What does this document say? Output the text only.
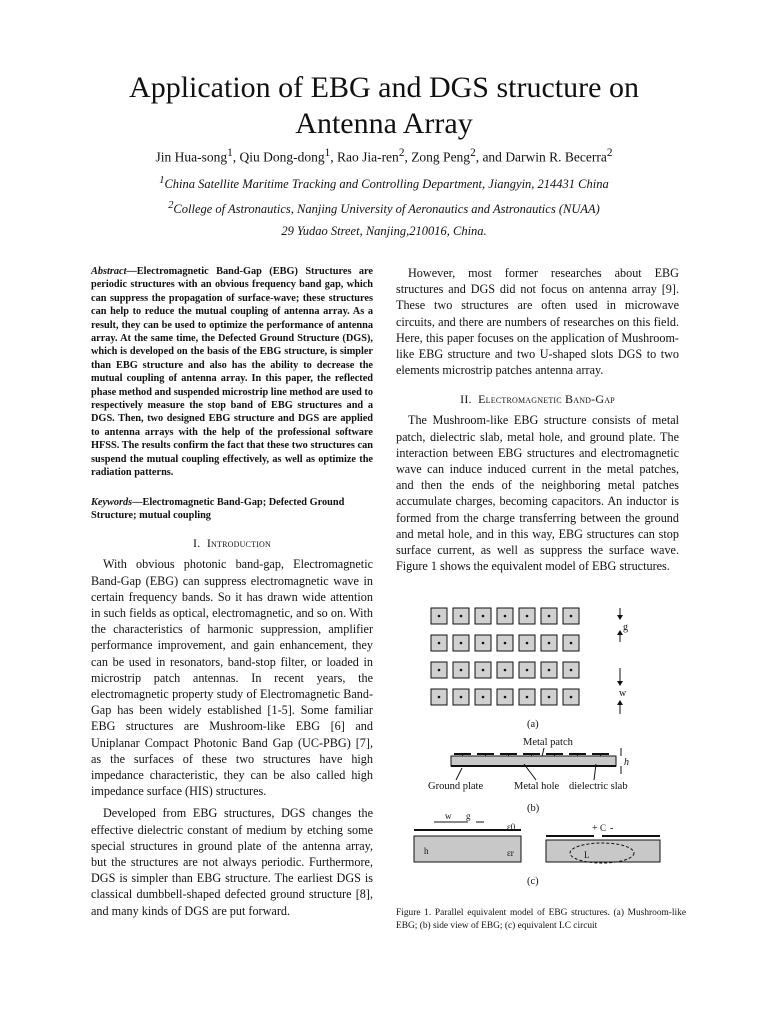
Application of EBG and DGS structure on
Antenna Array
Jin Hua-song$^1$, Qiu Dong-dong$^1$, Rao Jia-ren$^2$, Zong Peng$^2$, and Darwin R. Becerra$^2$
$^1$China Satellite Maritime Tracking and Controlling Department, Jiangyin, 214431 China
$^2$College of Astronautics, Nanjing University of Aeronautics and Astronautics (NUAA)
29 Yudao Street, Nanjing,210016, China.

Abstract—Electromagnetic Band-Gap (EBG) Structures are periodic structures with an obvious frequency band gap, which can suppress the propagation of surface-wave; these structures can help to reduce the mutual coupling of antenna array. As a result, they can be used to optimize the performance of antenna array. At the same time, the Defected Ground Structure (DGS), which is developed on the basis of the EBG structure, is simpler than EBG structure and also has the ability to decrease the mutual coupling of antenna array. In this paper, the reflected phase method and suspended microstrip line method are used to respectively measure the stop band of EBG structures and a DGS. Then, two designed EBG structure and DGS are applied to antenna arrays with the help of the professional software HFSS. The results confirm the fact that these two structures can suspend the mutual coupling effectively, as well as optimize the radiation patterns.

Keywords—Electromagnetic Band-Gap; Defected Ground Structure; mutual coupling

I. Introduction

With obvious photonic band-gap, Electromagnetic Band-Gap (EBG) can suppress electromagnetic wave in certain frequency bands. So it has drawn wide attention in such fields as optical, electromagnetic, and so on. With the characteristics of harmonic suppression, amplifier performance improvement, and gain enhancement, they can be used in resonators, band-stop filter, or loaded in microstrip patch antennas. In recent years, the electromagnetic property study of Electromagnetic Band-Gap has been widely established [1-5]. Some familiar EBG structures are Mushroom-like EBG [6] and Uniplanar Compact Photonic Band Gap (UC-PBG) [7], as the surfaces of these two structures have high impedance characteristic, they can be also called high impedance surface (HIS) structures.

Developed from EBG structures, DGS changes the effective dielectric constant of medium by etching some special structures in ground plate of the antenna array, but the structures are not always periodic. Furthermore, DGS is simpler than EBG structure. The earliest DGS is classical dumbbell-shaped defected ground structure [8], and many kinds of DGS are put forward.

However, most former researches about EBG structures and DGS did not focus on antenna array [9]. These two structures are often used in microwave circuits, and there are numbers of researches on this field. Here, this paper focuses on the application of Mushroom-like EBG structure and two U-shaped slots DGS to two elements microstrip patches antenna array.

II. Electromagnetic Band-Gap

The Mushroom-like EBG structure consists of metal patch, dielectric slab, metal hole, and ground plate. The interaction between EBG structures and electromagnetic wave can induce induced current in the metal patches, and then the ends of the neighboring metal patches accumulate charges, becoming capacitors. An inductor is formed from the charge transferring between the ground and metal hole, and in this way, EBG structures can stop surface current, as well as suppress the surface wave. Figure 1 shows the equivalent model of EBG structures.

g
w
(a)
Metal patch
h
Ground plate	Metal hole dielectric slab
(b)
w g
h
ε0
εr
+ C -
L
(c)
Figure 1. Parallel equivalent model of EBG structures. (a) Mushroom-like EBG; (b) side view of EBG; (c) equivalent LC circuit
